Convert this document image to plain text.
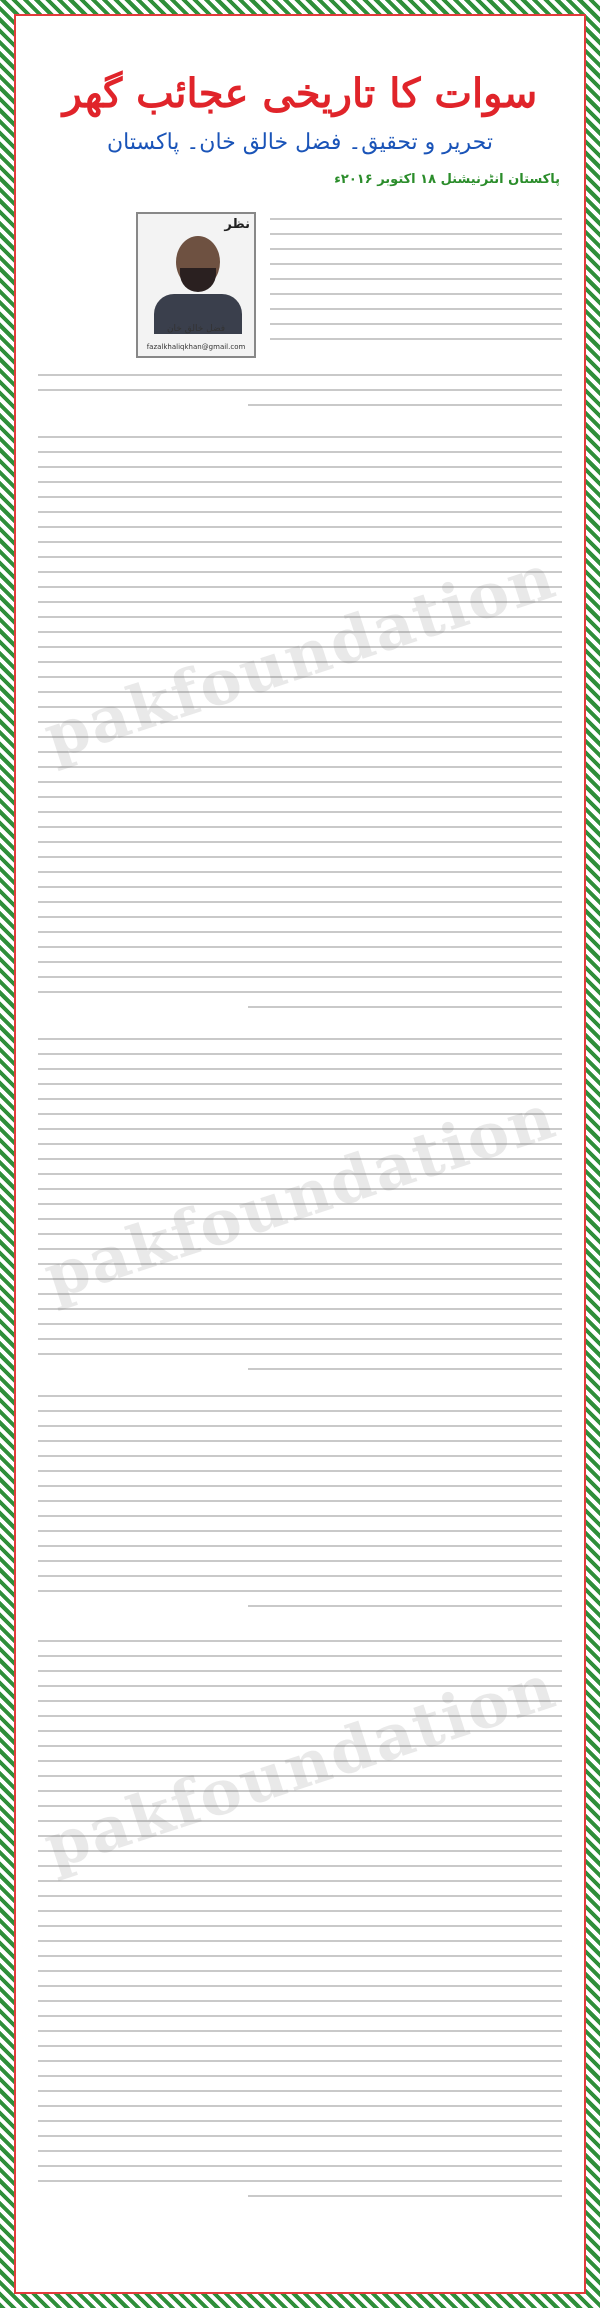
سوات کا تاریخی عجائب گھر
تحریر و تحقیق۔ فضل خالق خان۔ پاکستان
پاکستان انٹرنیشنل ۱۸ اکتوبر ۲۰۱۶ء
نظر
فضل خالق خان
fazalkhaliqkhan@gmail.com
